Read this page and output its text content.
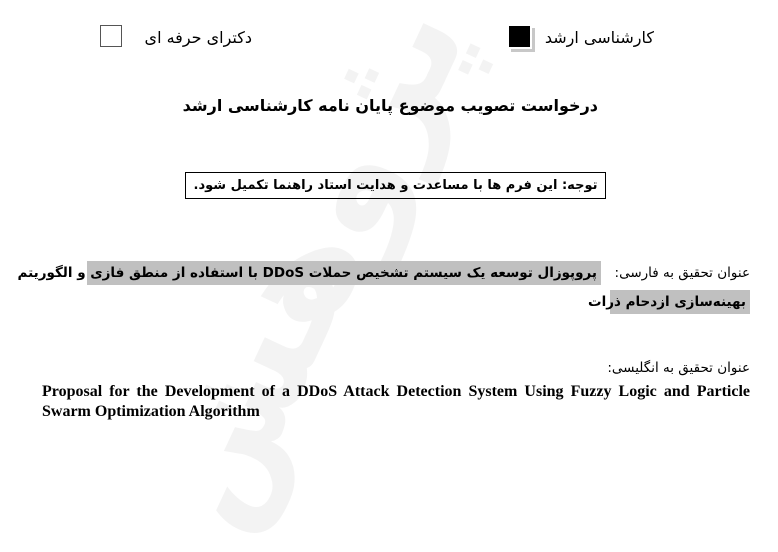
کارشناسی ارشد
دکترای حرفه ای
درخواست تصویب موضوع پایان نامه کارشناسی ارشد
توجه: این فرم ها با مساعدت و هدایت استاد راهنما تکمیل شود.
عنوان تحقیق به فارسی:
پروپوزال توسعه یک سیستم تشخیص حملات DDoS با استفاده از منطق فازی و الگوریتم
بهینه‌سازی ازدحام ذرات
عنوان تحقیق به انگلیسی:
Proposal for the Development of a DDoS Attack Detection System Using Fuzzy Logic and Particle Swarm Optimization Algorithm
